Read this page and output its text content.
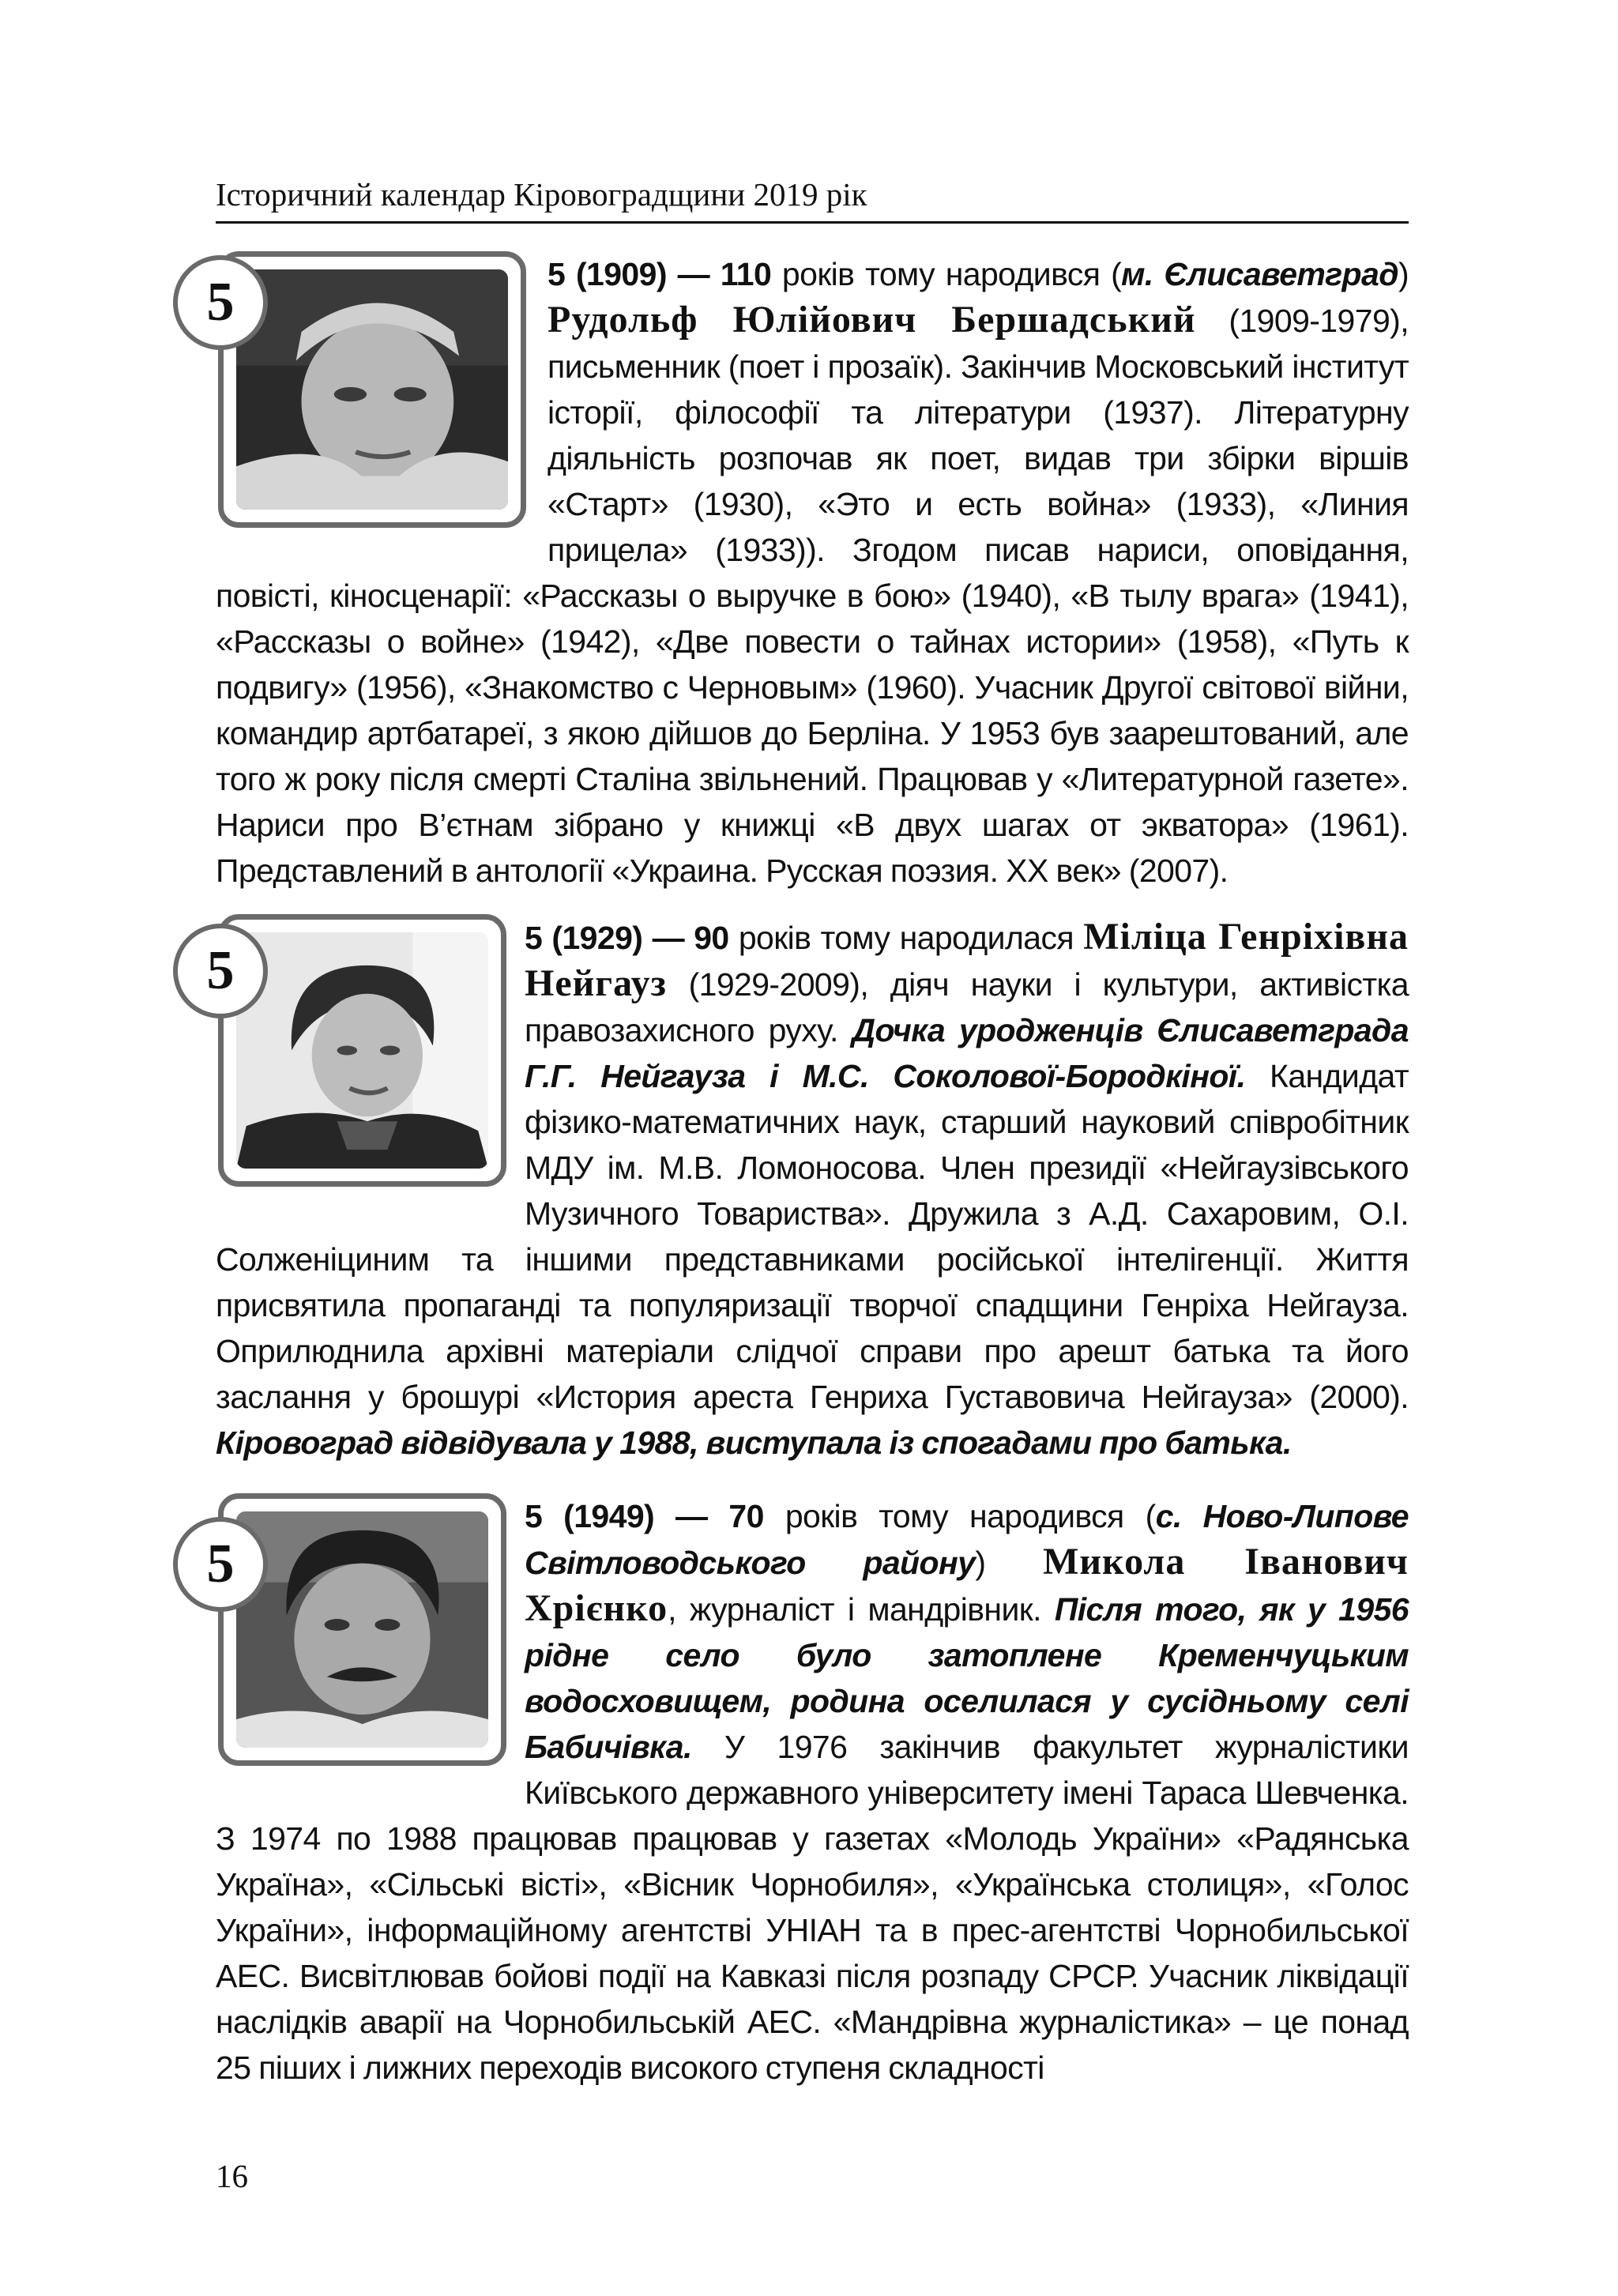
Історичний календар Кіровоградщини 2019 рік
5	5 (1909) — 110 років тому народився (м. Єлисаветград) Рудольф Юлійович Бершадський (1909-1979), письменник (поет і прозаїк). Закінчив Московський інститут історії, філософії та літератури (1937). Літературну діяльність розпочав як поет, видав три збірки віршів «Старт» (1930), «Это и есть война» (1933), «Линия прицела» (1933)). Згодом писав нариси, оповідання, повісті, кіносценарії: «Рассказы о выручке в бою» (1940), «В тылу врага» (1941), «Рассказы о войне» (1942), «Две повести о тайнах истории» (1958), «Путь к подвигу» (1956), «Знакомство с Черновым» (1960). Учасник Другої світової війни, командир артбатареї, з якою дійшов до Берліна. У 1953 був заарештований, але того ж року після смерті Сталіна звільнений. Працював у «Литературной газете». Нариси про В’єтнам зібрано у книжці «В двух шагах от экватора» (1961). Представлений в антології «Украина. Русская поэзия. ХХ век» (2007).

5

5 (1929) — 90 років тому народилася Міліца Генріхівна Нейгауз (1929-2009), діяч науки і культури, активістка правозахисного руху. Дочка уродженців Єлисаветграда Г.Г. Нейгауза і М.С. Соколової-Бородкіної. Кандидат фізико-математичних наук, старший науковий співробітник МДУ ім. М.В. Ломоносова. Член президії «Нейгаузівського Музичного Товариства». Дружила з А.Д. Сахаровим, О.І. Солженіциним та іншими представниками російської інтелігенції. Життя присвятила пропаганді та популяризації творчої спадщини Генріха Нейгауза. Оприлюднила архівні матеріали слідчої справи про арешт батька та його заслання у брошурі «История ареста Генриха Густавовича Нейгауза» (2000). Кіровоград відвідувала у 1988, виступала із спогадами про батька.

5

5 (1949) — 70 років тому народився (с. Ново-Липове Світловодського району) Микола Іванович Хрієнко, журналіст і мандрівник. Після того, як у 1956 рідне село було затоплене Кременчуцьким водосховищем, родина оселилася у сусідньому селі Бабичівка. У 1976 закінчив факультет журналістики Київського державного університету імені Тараса Шевченка. З 1974 по 1988 працював працював у газетах «Молодь України» «Радянська Україна», «Сільські вісті», «Вісник Чорнобиля», «Українська столиця», «Голос України», інформаційному агентстві УНІАН та в прес-агентстві Чорнобильської АЕС. Висвітлював бойові події на Кавказі після розпаду СРСР. Учасник ліквідації наслідків аварії на Чорнобильській АЕС. «Мандрівна журналістика» – це понад 25 піших і лижних переходів високого ступеня складності

16
